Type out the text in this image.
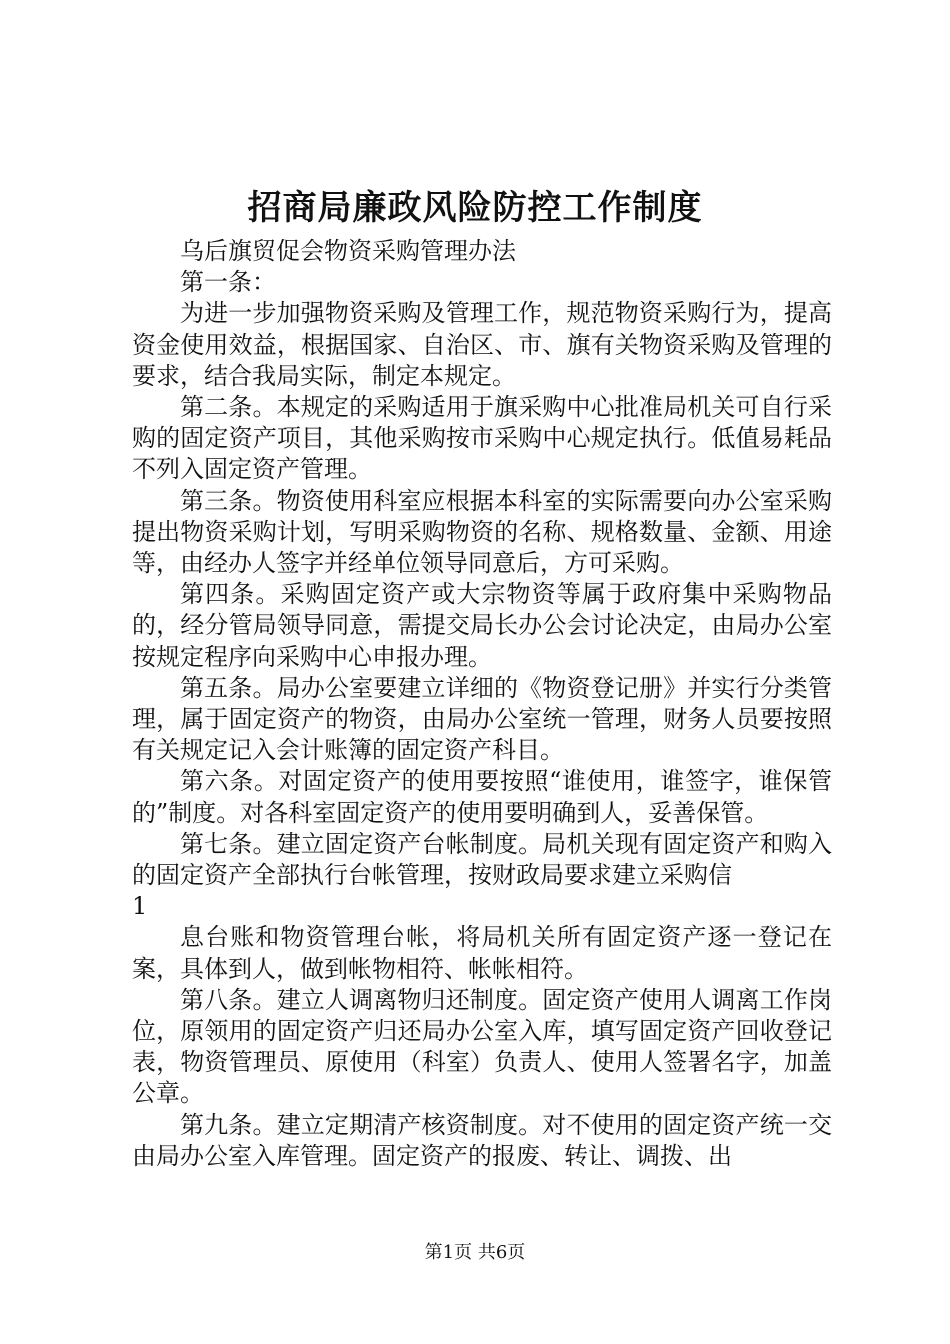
招商局廉政风险防控工作制度

乌后旗贸促会物资采购管理办法

第一条：

为进一步加强物资采购及管理工作，规范物资采购行为，提高资金使用效益，根据国家、自治区、市、旗有关物资采购及管理的要求，结合我局实际，制定本规定。

第二条。本规定的采购适用于旗采购中心批准局机关可自行采购的固定资产项目，其他采购按市采购中心规定执行。低值易耗品不列入固定资产管理。

第三条。物资使用科室应根据本科室的实际需要向办公室采购提出物资采购计划，写明采购物资的名称、规格数量、金额、用途等，由经办人签字并经单位领导同意后，方可采购。

第四条。采购固定资产或大宗物资等属于政府集中采购物品的，经分管局领导同意，需提交局长办公会讨论决定，由局办公室按规定程序向采购中心申报办理。

第五条。局办公室要建立详细的《物资登记册》并实行分类管理，属于固定资产的物资，由局办公室统一管理，财务人员要按照有关规定记入会计账簿的固定资产科目。

第六条。对固定资产的使用要按照“谁使用，谁签字，谁保管的”制度。对各科室固定资产的使用要明确到人，妥善保管。

第七条。建立固定资产台帐制度。局机关现有固定资产和购入的固定资产全部执行台帐管理，按财政局要求建立采购信

1

息台账和物资管理台帐，将局机关所有固定资产逐一登记在案，具体到人，做到帐物相符、帐帐相符。

第八条。建立人调离物归还制度。固定资产使用人调离工作岗位，原领用的固定资产归还局办公室入库，填写固定资产回收登记表，物资管理员、原使用（科室）负责人、使用人签署名字，加盖公章。

第九条。建立定期清产核资制度。对不使用的固定资产统一交由局办公室入库管理。固定资产的报废、转让、调拨、出

第1页 共6页
